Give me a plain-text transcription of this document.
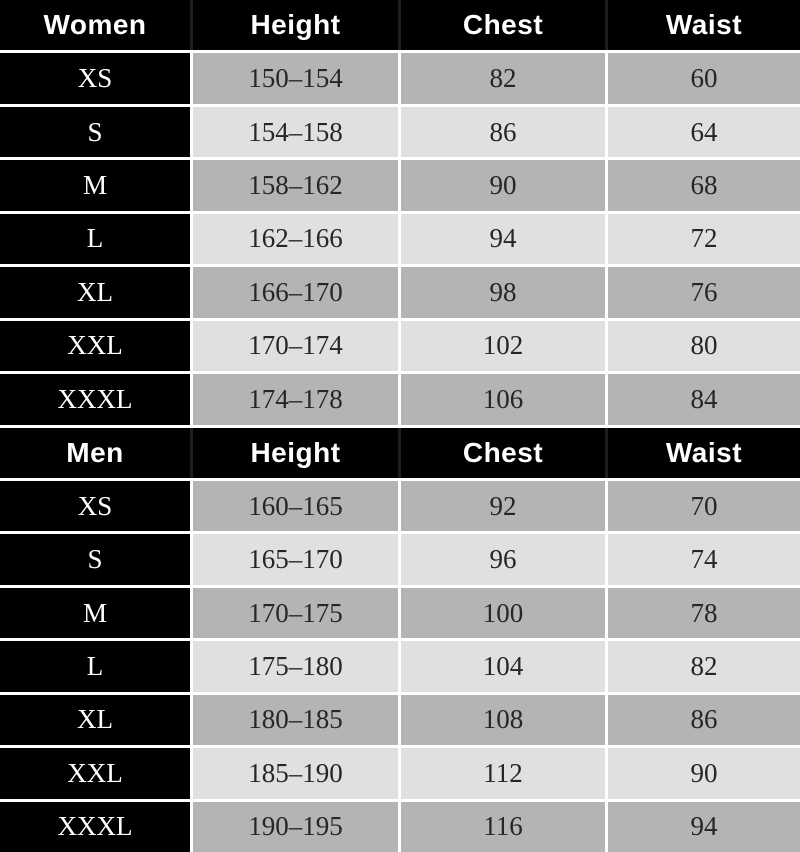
Women	Height	Chest	Waist
XS	150–154	82	60
S	154–158	86	64
M	158–162	90	68
L	162–166	94	72
XL	166–170	98	76
XXL	170–174	102	80
XXXL	174–178	106	84
Men	Height	Chest	Waist
XS	160–165	92	70
S	165–170	96	74
M	170–175	100	78
L	175–180	104	82
XL	180–185	108	86
XXL	185–190	112	90
XXXL	190–195	116	94
